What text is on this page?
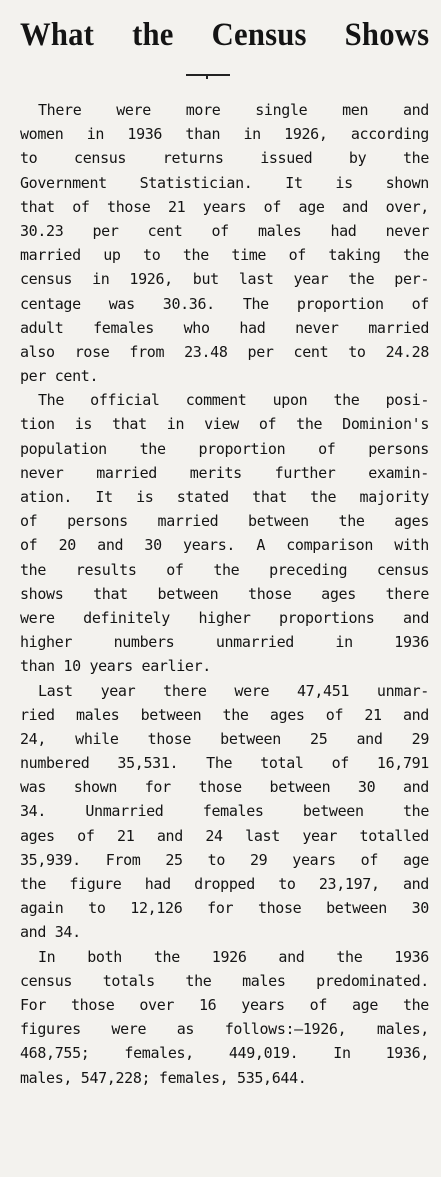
What the Census Shows

There were more single men and
women in 1936 than in 1926, according
to census returns issued by the
Government Statistician. It is shown
that of those 21 years of age and over,
30.23 per cent of males had never
married up to the time of taking the
census in 1926, but last year the per-
centage was 30.36. The proportion of
adult females who had never married
also rose from 23.48 per cent to 24.28
per cent.

The official comment upon the posi-
tion is that in view of the Dominion's
population the proportion of persons
never married merits further examin-
ation. It is stated that the majority
of persons married between the ages
of 20 and 30 years. A comparison with
the results of the preceding census
shows that between those ages there
were definitely higher proportions and
higher numbers unmarried in 1936
than 10 years earlier.

Last year there were 47,451 unmar-
ried males between the ages of 21 and
24, while those between 25 and 29
numbered 35,531. The total of 16,791
was shown for those between 30 and
34. Unmarried females between the
ages of 21 and 24 last year totalled
35,939. From 25 to 29 years of age
the figure had dropped to 23,197, and
again to 12,126 for those between 30
and 34.

In both the 1926 and the 1936
census totals the males predominated.
For those over 16 years of age the
figures were as follows:—1926, males,
468,755; females, 449,019. In 1936,
males, 547,228; females, 535,644.
